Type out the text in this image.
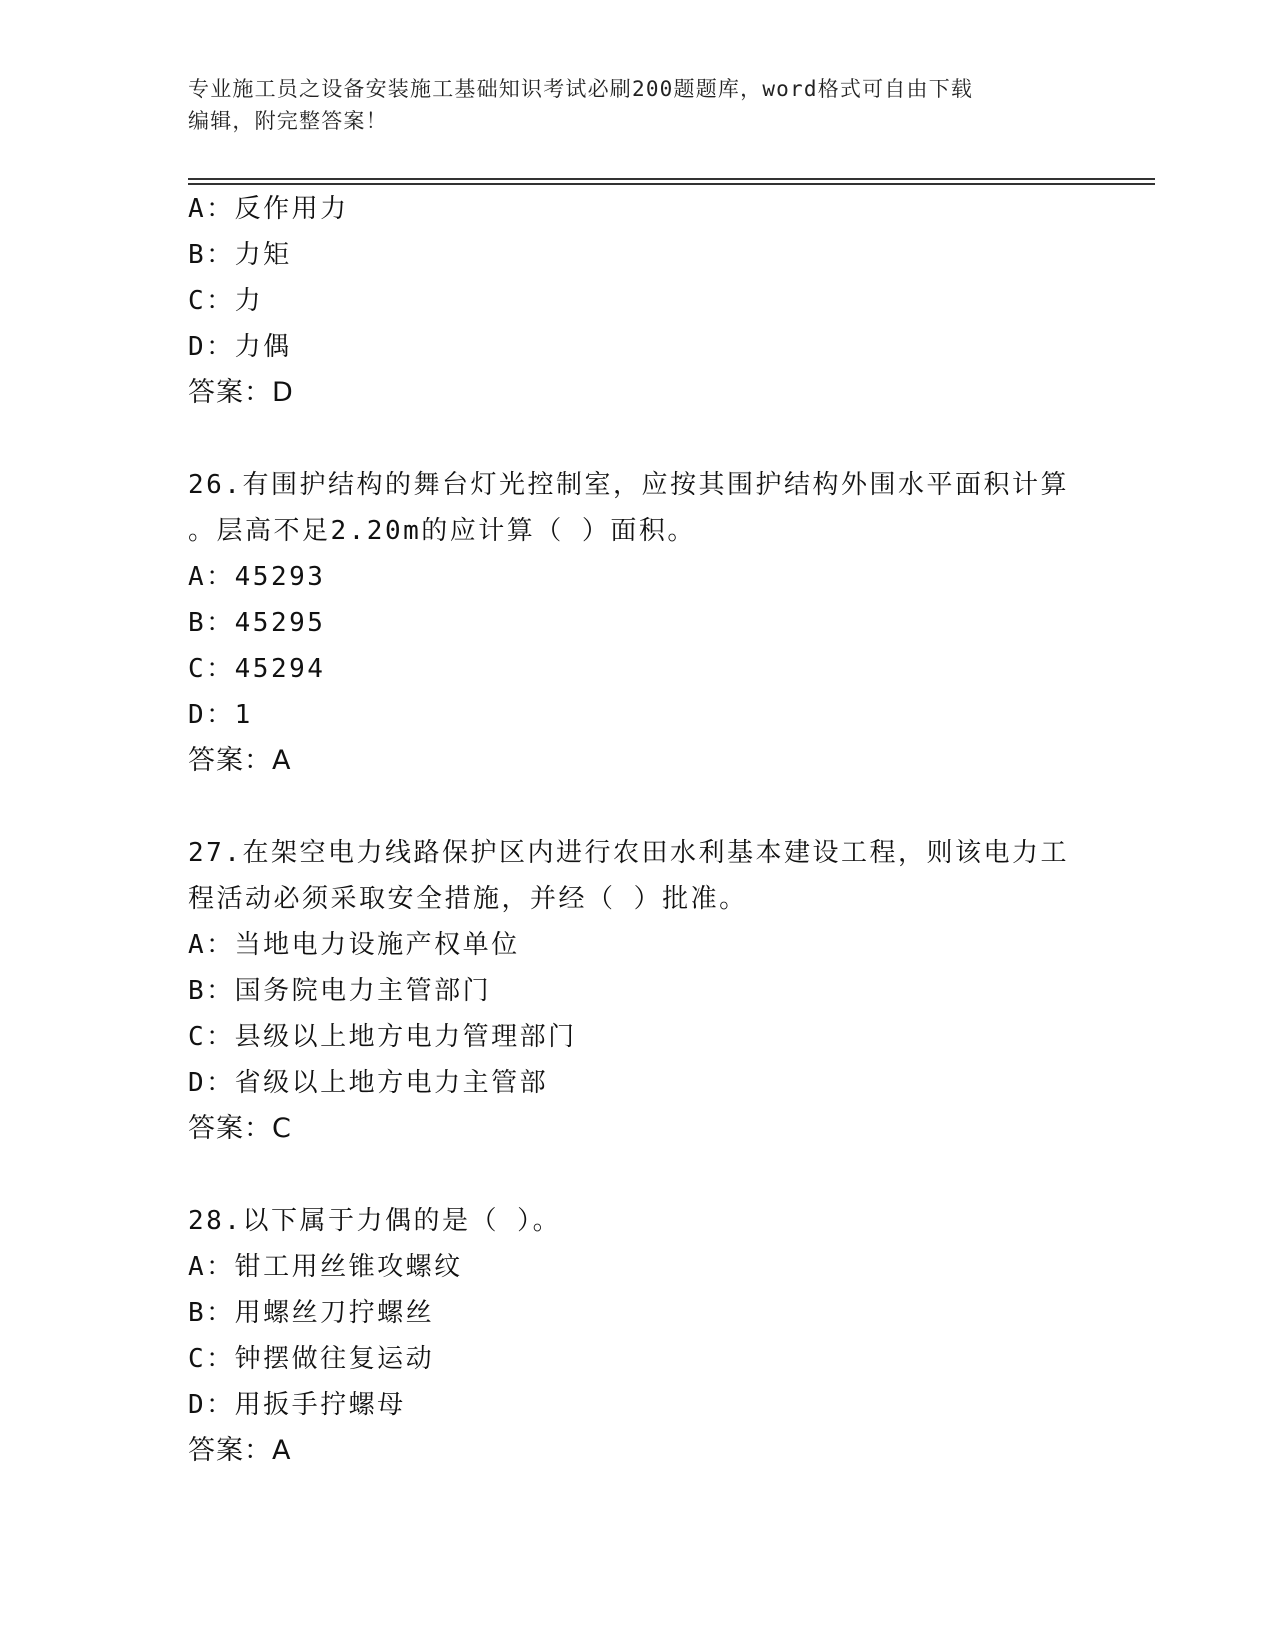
专业施工员之设备安装施工基础知识考试必刷200题题库，word格式可自由下载
编辑，附完整答案！
A：反作用力
B：力矩
C：力
D：力偶
答案：D
26.有围护结构的舞台灯光控制室，应按其围护结构外围水平面积计算
。层高不足2.20m的应计算（ ）面积。
A：45293
B：45295
C：45294
D：1
答案：A
27.在架空电力线路保护区内进行农田水利基本建设工程，则该电力工
程活动必须采取安全措施，并经（ ）批准。
A：当地电力设施产权单位
B：国务院电力主管部门
C：县级以上地方电力管理部门
D：省级以上地方电力主管部
答案：C
28.以下属于力偶的是（ ）。
A：钳工用丝锥攻螺纹
B：用螺丝刀拧螺丝
C：钟摆做往复运动
D：用扳手拧螺母
答案：A
